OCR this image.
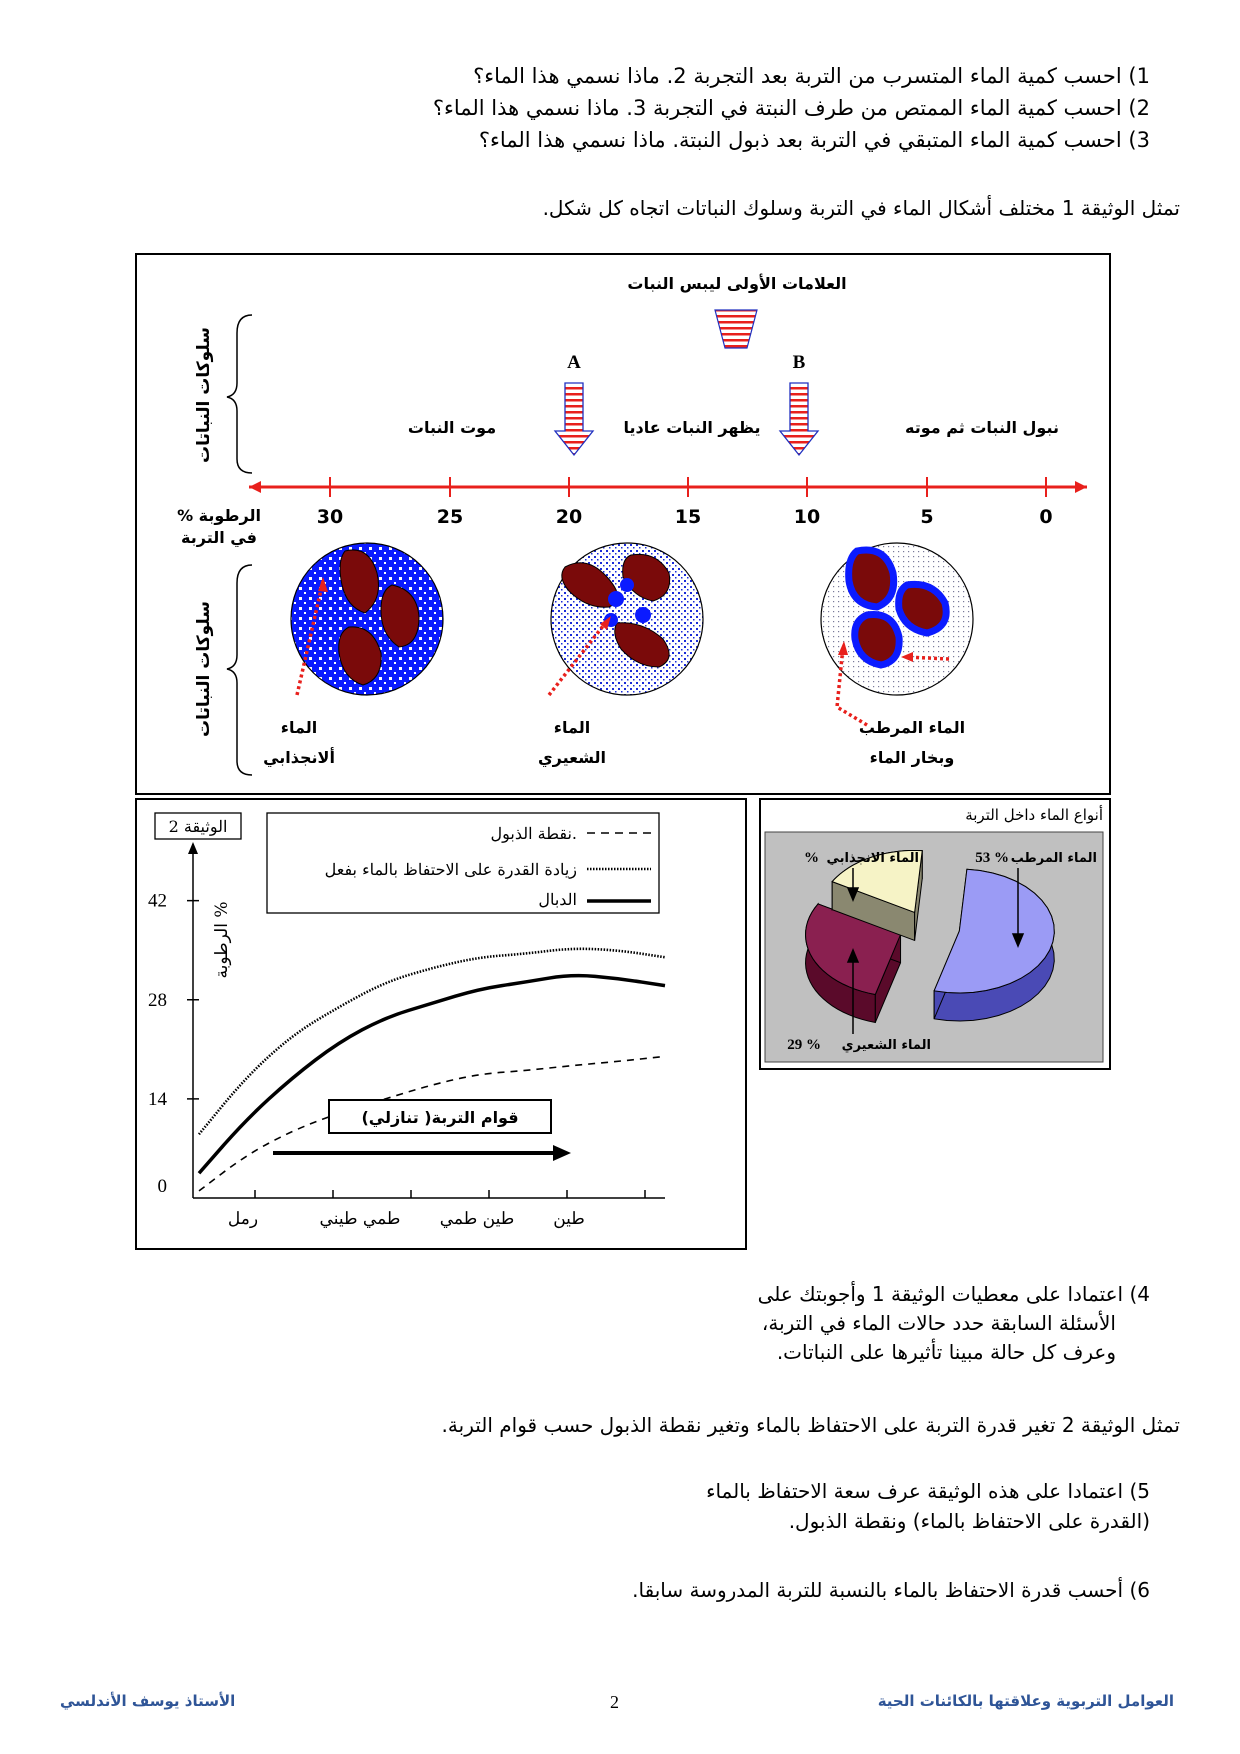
1) احسب كمية الماء المتسرب من التربة بعد التجربة 2. ماذا نسمي هذا الماء؟
2) احسب كمية الماء الممتص من طرف النبتة في التجربة 3. ماذا نسمي هذا الماء؟
3) احسب كمية الماء المتبقي في التربة بعد ذبول النبتة. ماذا نسمي هذا الماء؟
تمثل الوثيقة 1 مختلف أشكال الماء في التربة وسلوك النباتات اتجاه كل شكل.
سلوكات النباتات
سلوكات النباتات
العلامات الأولى ليبس النبات
A	B
موت النبات	يظهر النبات عاديا	نبول النبات ثم موته
30	25	20	15	10	5	0
% الرطوبة
في التربة
الماء
ألانجذابي
الماء
الشعيري
الماء المرطب
وبخار الماء
الوثيقة 2	نقطة الذبول.
زيادة القدرة على الاحتفاظ بالماء بفعل
الدبال
0
14
28
42
رمل	طمي طيني طين طمي طين
الرطوبة %
قوام التربة( تنازلي)
أنواع الماء داخل التربة
الماء المرطب
53 %
الماء الانجذابي
%
الماء الشعيري
29 %
4) اعتمادا على معطيات الوثيقة 1 وأجوبتك على
الأسئلة السابقة حدد حالات الماء في التربة،
وعرف كل حالة مبينا تأثيرها على النباتات.
تمثل الوثيقة 2 تغير قدرة التربة على الاحتفاظ بالماء وتغير نقطة الذبول حسب قوام التربة.
5) اعتمادا على هذه الوثيقة عرف سعة الاحتفاظ بالماء
(القدرة على الاحتفاظ بالماء) ونقطة الذبول.
6) أحسب قدرة الاحتفاظ بالماء بالنسبة للتربة المدروسة سابقا.
العوامل التربوية وعلاقتها بالكائنات الحية
2
الأستاذ يوسف الأندلسي
